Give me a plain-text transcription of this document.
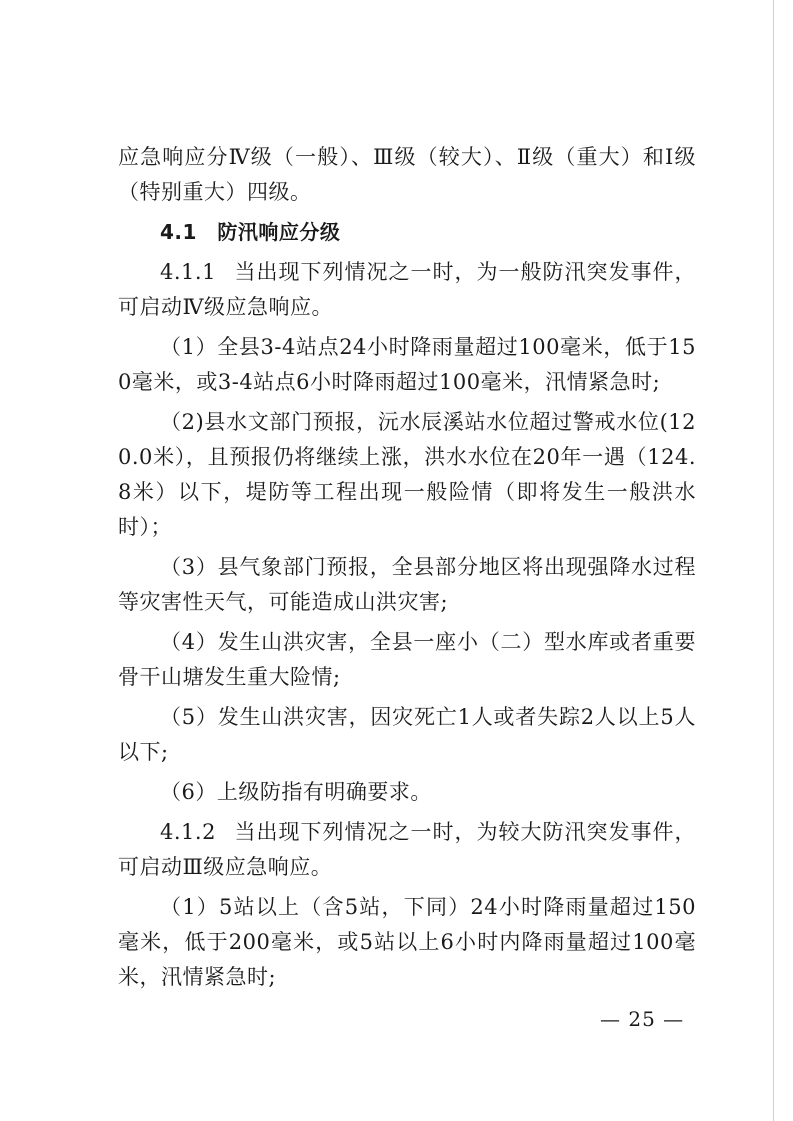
应急响应分Ⅳ级（一般）、Ⅲ级（较大）、Ⅱ级（重大）和Ⅰ级（特别重大）四级。

4.1　防汛响应分级

4.1.1 当出现下列情况之一时，为一般防汛突发事件，可启动Ⅳ级应急响应。

（1）全县3-4站点24小时降雨量超过100毫米，低于150毫米，或3-4站点6小时降雨超过100毫米，汛情紧急时;

（2)县水文部门预报，沅水辰溪站水位超过警戒水位(120.0米），且预报仍将继续上涨，洪水水位在20年一遇（124.8米）以下，堤防等工程出现一般险情（即将发生一般洪水时）；

（3）县气象部门预报，全县部分地区将出现强降水过程等灾害性天气，可能造成山洪灾害;

（4）发生山洪灾害，全县一座小（二）型水库或者重要骨干山塘发生重大险情;

（5）发生山洪灾害，因灾死亡1人或者失踪2人以上5人以下;

（6）上级防指有明确要求。

4.1.2 当出现下列情况之一时，为较大防汛突发事件，可启动Ⅲ级应急响应。

（1）5站以上（含5站，下同）24小时降雨量超过150毫米，低于200毫米，或5站以上6小时内降雨量超过100毫米，汛情紧急时;

— 25 —
